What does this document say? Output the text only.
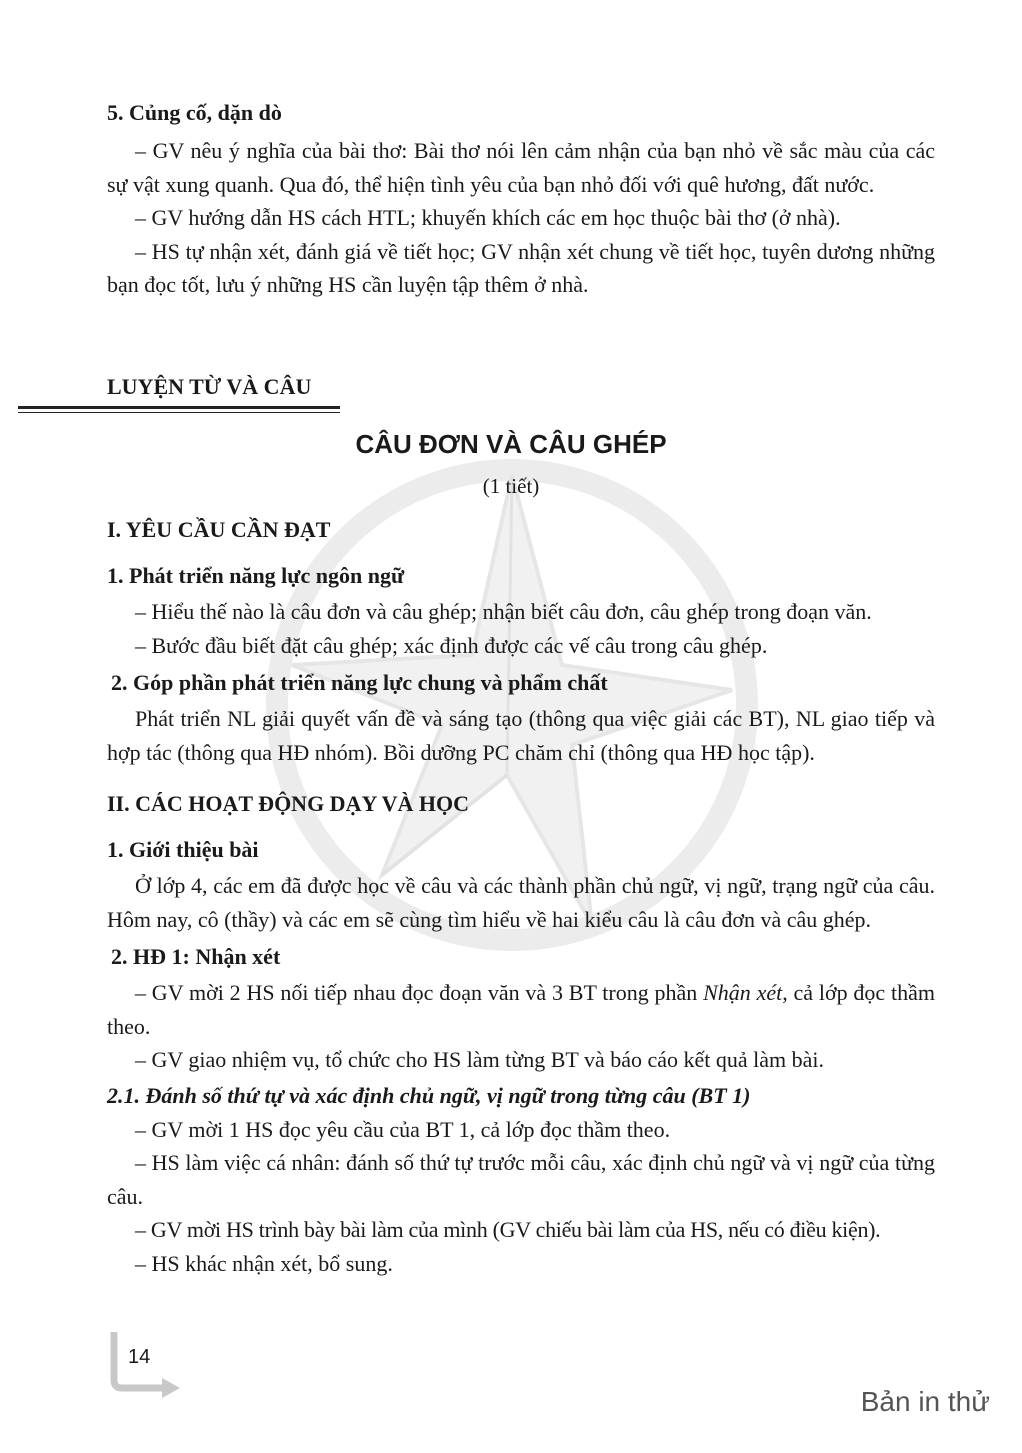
5. Củng cố, dặn dò

– GV nêu ý nghĩa của bài thơ: Bài thơ nói lên cảm nhận của bạn nhỏ về sắc màu của các sự vật xung quanh. Qua đó, thể hiện tình yêu của bạn nhỏ đối với quê hương, đất nước.

– GV hướng dẫn HS cách HTL; khuyến khích các em học thuộc bài thơ (ở nhà).

– HS tự nhận xét, đánh giá về tiết học; GV nhận xét chung về tiết học, tuyên dương những bạn đọc tốt, lưu ý những HS cần luyện tập thêm ở nhà.

LUYỆN TỪ VÀ CÂU
CÂU ĐƠN VÀ CÂU GHÉP
(1 tiết)

I. YÊU CẦU CẦN ĐẠT

1. Phát triển năng lực ngôn ngữ

– Hiểu thế nào là câu đơn và câu ghép; nhận biết câu đơn, câu ghép trong đoạn văn.

– Bước đầu biết đặt câu ghép; xác định được các vế câu trong câu ghép.

2. Góp phần phát triển năng lực chung và phẩm chất

Phát triển NL giải quyết vấn đề và sáng tạo (thông qua việc giải các BT), NL giao tiếp và hợp tác (thông qua HĐ nhóm). Bồi dưỡng PC chăm chỉ (thông qua HĐ học tập).

II. CÁC HOẠT ĐỘNG DẠY VÀ HỌC

1. Giới thiệu bài

Ở lớp 4, các em đã được học về câu và các thành phần chủ ngữ, vị ngữ, trạng ngữ của câu. Hôm nay, cô (thầy) và các em sẽ cùng tìm hiểu về hai kiểu câu là câu đơn và câu ghép.

2. HĐ 1: Nhận xét

– GV mời 2 HS nối tiếp nhau đọc đoạn văn và 3 BT trong phần Nhận xét, cả lớp đọc thầm theo.

– GV giao nhiệm vụ, tổ chức cho HS làm từng BT và báo cáo kết quả làm bài.

2.1. Đánh số thứ tự và xác định chủ ngữ, vị ngữ trong từng câu (BT 1)

– GV mời 1 HS đọc yêu cầu của BT 1, cả lớp đọc thầm theo.

– HS làm việc cá nhân: đánh số thứ tự trước mỗi câu, xác định chủ ngữ và vị ngữ của từng câu.

– GV mời HS trình bày bài làm của mình (GV chiếu bài làm của HS, nếu có điều kiện).

– HS khác nhận xét, bổ sung.

14
Bản in thử
